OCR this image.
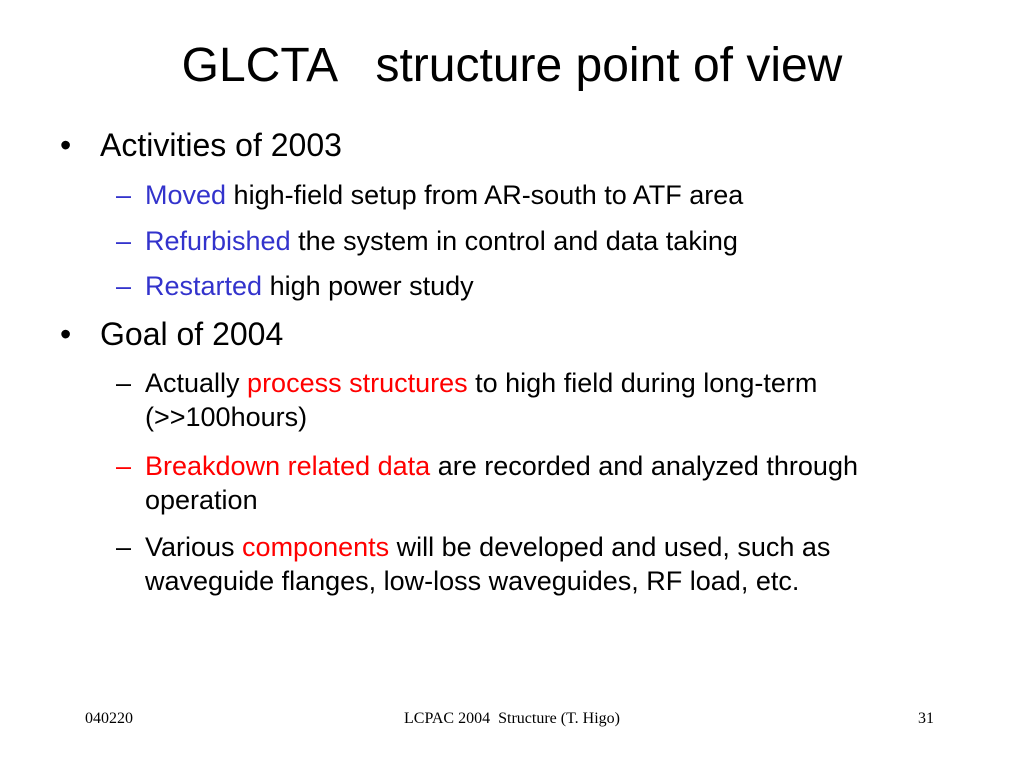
GLCTA   structure point of view
• Activities of 2003
– Moved high-field setup from AR-south to ATF area
– Refurbished the system in control and data taking
– Restarted high power study
• Goal of 2004
– Actually process structures to high field during long-term (>>100hours)
– Breakdown related data are recorded and analyzed through operation
– Various components will be developed and used, such as waveguide flanges, low-loss waveguides, RF load, etc.
040220	LCPAC 2004  Structure (T. Higo)	31
